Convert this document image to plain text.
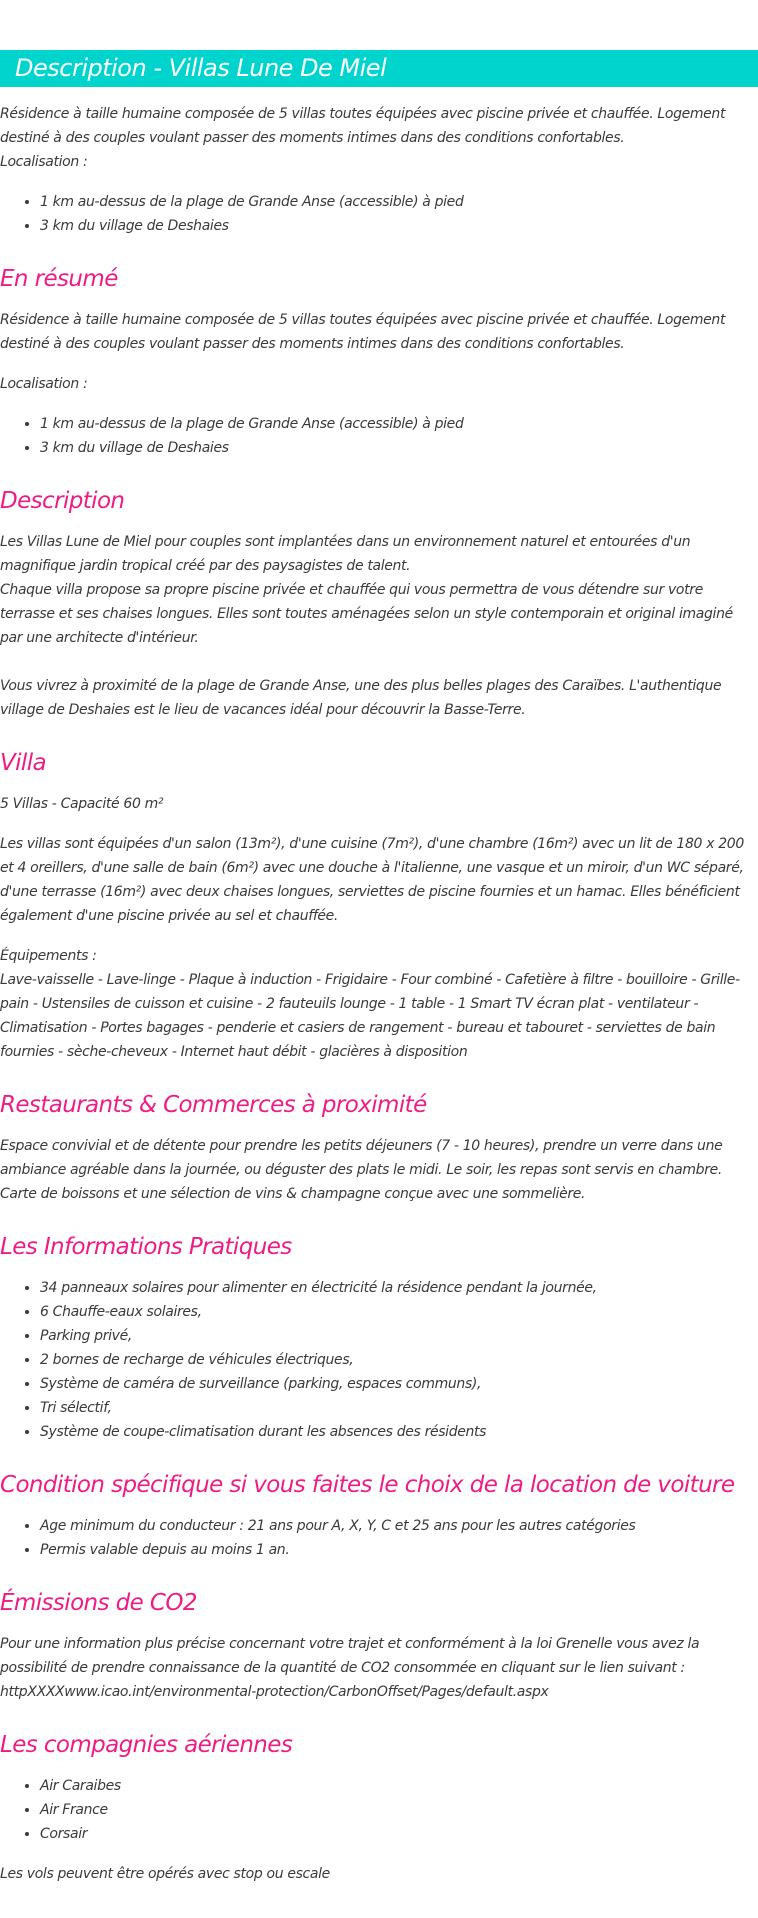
Description - Villas Lune De Miel

Résidence à taille humaine composée de 5 villas toutes équipées avec piscine privée et chauffée. Logement destiné à des couples voulant passer des moments intimes dans des conditions confortables.

Localisation :

• 1 km au-dessus de la plage de Grande Anse (accessible) à pied
• 3 km du village de Deshaies
En résumé

Résidence à taille humaine composée de 5 villas toutes équipées avec piscine privée et chauffée. Logement destiné à des couples voulant passer des moments intimes dans des conditions confortables.

Localisation :

• 1 km au-dessus de la plage de Grande Anse (accessible) à pied
• 3 km du village de Deshaies
Description

Les Villas Lune de Miel pour couples sont implantées dans un environnement naturel et entourées d'un magnifique jardin tropical créé par des paysagistes de talent.

Chaque villa propose sa propre piscine privée et chauffée qui vous permettra de vous détendre sur votre terrasse et ses chaises longues. Elles sont toutes aménagées selon un style contemporain et original imaginé par une architecte d'intérieur.

Vous vivrez à proximité de la plage de Grande Anse, une des plus belles plages des Caraïbes. L'authentique village de Deshaies est le lieu de vacances idéal pour découvrir la Basse-Terre.

Villa

5 Villas - Capacité 60 m²

Les villas sont équipées d'un salon (13m²), d'une cuisine (7m²), d'une chambre (16m²) avec un lit de 180 x 200 et 4 oreillers, d'une salle de bain (6m²) avec une douche à l'italienne, une vasque et un miroir, d'un WC séparé, d'une terrasse (16m²) avec deux chaises longues, serviettes de piscine fournies et un hamac. Elles bénéficient également d'une piscine privée au sel et chauffée.

Équipements :

Lave-vaisselle - Lave-linge - Plaque à induction - Frigidaire - Four combiné - Cafetière à filtre - bouilloire - Grille-pain - Ustensiles de cuisson et cuisine - 2 fauteuils lounge - 1 table - 1 Smart TV écran plat - ventilateur - Climatisation - Portes bagages - penderie et casiers de rangement - bureau et tabouret - serviettes de bain fournies - sèche-cheveux - Internet haut débit - glacières à disposition

Restaurants & Commerces à proximité

Espace convivial et de détente pour prendre les petits déjeuners (7 - 10 heures), prendre un verre dans une ambiance agréable dans la journée, ou déguster des plats le midi. Le soir, les repas sont servis en chambre.

Carte de boissons et une sélection de vins & champagne conçue avec une sommelière.

Les Informations Pratiques
• 34 panneaux solaires pour alimenter en électricité la résidence pendant la journée,
• 6 Chauffe-eaux solaires,
• Parking privé,
• 2 bornes de recharge de véhicules électriques,
• Système de caméra de surveillance (parking, espaces communs),
• Tri sélectif,
• Système de coupe-climatisation durant les absences des résidents
Condition spécifique si vous faites le choix de la location de voiture
• Age minimum du conducteur : 21 ans pour A, X, Y, C et 25 ans pour les autres catégories
• Permis valable depuis au moins 1 an.
Émissions de CO2

Pour une information plus précise concernant votre trajet et conformément à la loi Grenelle vous avez la possibilité de prendre connaissance de la quantité de CO2 consommée en cliquant sur le lien suivant :

httpXXXXwww.icao.int/environmental-protection/CarbonOffset/Pages/default.aspx

Les compagnies aériennes
• Air Caraibes
• Air France
• Corsair

Les vols peuvent être opérés avec stop ou escale
